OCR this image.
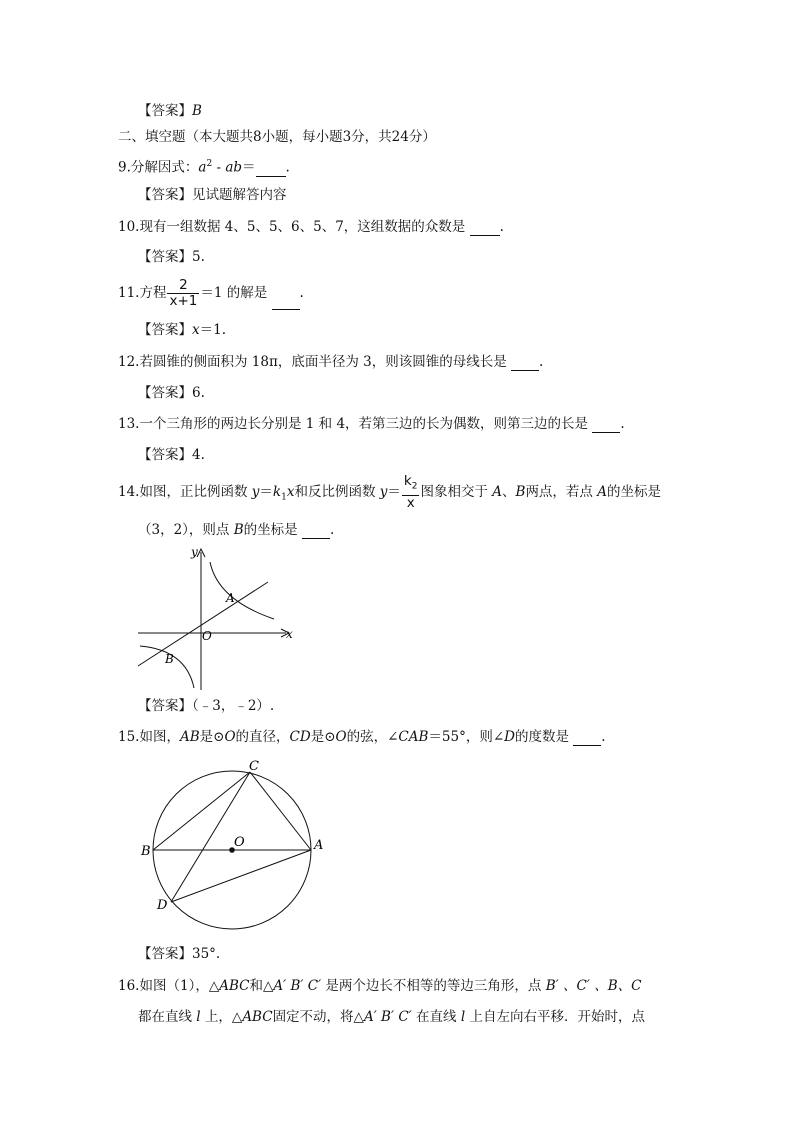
【答案】B
二、填空题（本大题共8小题，每小题3分，共24分）
9.分解因式：$a^2 - ab=$ .
【答案】见试题解答内容
10.现有一组数据 4、5、5、6、5、7，这组数据的众数是 .
【答案】5.
11.方程 $\frac{2}{x+1} =1$ 的解是 .
【答案】x＝1.
12.若圆锥的侧面积为 18π，底面半径为 3，则该圆锥的母线长是 .
【答案】6.
13.一个三角形的两边长分别是 1 和 4，若第三边的长为偶数，则第三边的长是 .
【答案】4.
14.如图，正比例函数 $y=k_1x$和反比例函数 $y= \frac{k_2}{x}$ 图象相交于 A、B两点，若点 A的坐标是
（3，2），则点 B的坐标是 .
y
x
O
A
B
【答案】（﹣3，﹣2）.
15.如图，AB是⊙O的直径，CD是⊙O的弦，∠CAB＝55°，则∠D的度数是 .
C
B
O	A
D
【答案】35°.
16.如图（1），△ABC和△A′ B′ C′ 是两个边长不相等的等边三角形，点 B′ 、C′ 、B、C
都在直线 l 上，△ABC固定不动，将△A′ B′ C′ 在直线 l 上自左向右平移．开始时，点
